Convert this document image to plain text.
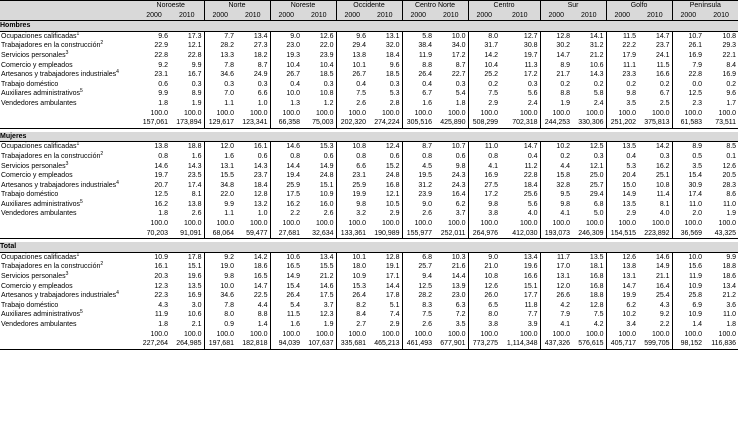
	Noroeste		Norte		Noreste		Occidente		Centro Norte		Centro		Sur		Golfo		Península	
	2000	2010	2000	2010	2000	2010	2000	2010	2000	2010	2000	2010	2000	2010	2000	2010	2000	2010
Hombres																		
Ocupaciones calificadas$^1$	9.6	17.3	7.7	13.4	9.0	12.6	9.6	13.1	5.8	10.0	8.0	12.7	12.8	14.1	11.5	14.7	10.7	10.8
Trabajadores en la construcción$^2$	22.9	12.1	28.2	27.3	23.0	22.0	29.4	32.0	38.4	34.0	31.7	30.8	30.2	31.2	22.2	23.7	26.1	29.3
Servicios personales$^3$	22.8	22.8	13.3	18.2	19.3	23.9	13.8	18.4	11.9	17.2	14.2	19.7	14.7	21.2	17.9	24.1	16.9	22.1
Comercio y empleados	9.2	9.9	7.8	8.7	10.4	10.4	10.1	9.6	8.8	8.7	10.4	11.3	8.9	10.6	11.1	11.5	7.9	8.4
Artesanos y trabajadores industriales$^4$	23.1	16.7	34.6	24.9	26.7	18.5	26.7	18.5	26.4	22.7	25.2	17.2	21.7	14.3	23.3	16.6	22.8	16.9
Trabajo doméstico	0.6	0.3	0.3	0.3	0.4	0.3	0.4	0.3	0.4	0.3	0.2	0.3	0.2	0.2	0.2	0.2	0.0	0.2
Auxiliares administrativos$^5$	9.9	8.9	7.0	6.6	10.0	10.8	7.5	5.3	6.7	5.4	7.5	5.6	8.8	5.8	9.8	6.7	12.5	9.6
Vendedores ambulantes	1.8	1.9	1.1	1.0	1.3	1.2	2.6	2.8	1.6	1.8	2.9	2.4	1.9	2.4	3.5	2.5	2.3	1.7
	100.0	100.0	100.0	100.0	100.0	100.0	100.0	100.0	100.0	100.0	100.0	100.0	100.0	100.0	100.0	100.0	100.0	100.0
	157,061	173,894	129,617	123,341	66,358	75,003	202,320	274,224	305,516	425,890	508,299	702,318	244,253	330,306	251,202	375,813	61,583	73,511

Mujeres																		
Ocupaciones calificadas$^1$	13.8	18.8	12.0	16.1	14.6	15.3	10.8	12.4	8.7	10.7	11.0	14.7	10.2	12.5	13.5	14.2	8.9	8.5
Trabajadores en la construcción$^2$	0.8	1.6	1.6	0.6	0.8	0.6	0.8	0.6	0.8	0.6	0.8	0.4	0.2	0.3	0.4	0.3	0.5	0.1
Servicios personales$^3$	14.6	14.3	13.1	14.3	14.4	14.9	6.6	15.2	4.5	9.8	4.1	11.2	4.4	12.1	5.3	16.2	3.5	12.6
Comercio y empleados	19.7	23.5	15.5	23.7	19.4	24.8	23.1	24.8	19.5	24.3	16.9	22.8	15.8	25.0	20.4	25.1	15.4	20.5
Artesanos y trabajadores industriales$^4$	20.7	17.4	34.8	18.4	25.9	15.1	25.9	16.8	31.2	24.3	27.5	18.4	32.8	25.7	15.0	10.8	30.9	28.3
Trabajo doméstico	12.5	8.1	22.0	12.8	17.5	10.9	19.9	12.1	23.9	16.4	17.2	25.6	9.5	29.4	14.9	11.4	17.4	8.6
Auxiliares administrativos$^5$	16.2	13.8	9.9	13.2	16.2	16.0	9.8	10.5	9.0	6.2	9.8	5.6	9.8	6.8	13.5	8.1	11.0	11.0
Vendedores ambulantes	1.8	2.6	1.1	1.0	2.2	2.6	3.2	2.9	2.6	3.7	3.8	4.0	4.1	5.0	2.9	4.0	2.0	1.9
	100.0	100.0	100.0	100.0	100.0	100.0	100.0	100.0	100.0	100.0	100.0	100.0	100.0	100.0	100.0	100.0	100.0	100.0
	70,203	91,091	68,064	59,477	27,681	32,634	133,361	190,989	155,977	252,011	264,976	412,030	193,073	246,309	154,515	223,892	36,569	43,325

Total																		
Ocupaciones calificadas$^1$	10.9	17.8	9.2	14.2	10.6	13.4	10.1	12.8	6.8	10.3	9.0	13.4	11.7	13.5	12.6	14.6	10.0	9.9
Trabajadores en la construcción$^2$	16.1	15.1	19.0	18.6	16.5	15.5	18.0	19.1	25.7	21.6	21.0	19.6	17.0	18.1	13.8	14.9	15.6	18.8
Servicios personales$^3$	20.3	19.6	9.8	16.5	14.9	21.2	10.9	17.1	9.4	14.4	10.8	16.6	13.1	16.8	13.1	21.1	11.9	18.6
Comercio y empleados	12.3	13.5	10.0	14.7	15.4	14.6	15.3	14.4	12.5	13.9	12.6	15.1	12.0	16.8	14.7	16.4	10.9	13.4
Artesanos y trabajadores industriales$^4$	22.3	16.9	34.6	22.5	26.4	17.5	26.4	17.8	28.2	23.0	26.0	17.7	26.6	18.8	19.9	25.4	25.8	21.2
Trabajo doméstico	4.3	3.0	7.8	4.4	5.4	3.7	8.2	5.1	8.3	6.3	6.5	11.8	4.2	12.8	6.2	4.3	6.9	3.6
Auxiliares administrativos$^5$	11.9	10.6	8.0	8.8	11.5	12.3	8.4	7.4	7.5	7.2	8.0	7.7	7.9	7.5	10.2	9.2	10.9	11.0
Vendedores ambulantes	1.8	2.1	0.9	1.4	1.6	1.9	2.7	2.9	2.6	3.5	3.8	3.9	4.1	4.2	3.4	2.2	1.4	1.8
	100.0	100.0	100.0	100.0	100.0	100.0	100.0	100.0	100.0	100.0	100.0	100.0	100.0	100.0	100.0	100.0	100.0	100.0
	227,264	264,985	197,681	182,818	94,039	107,637	335,681	465,213	461,493	677,901	773,275	1,114,348	437,326	576,615	405,717	599,705	98,152	116,836
